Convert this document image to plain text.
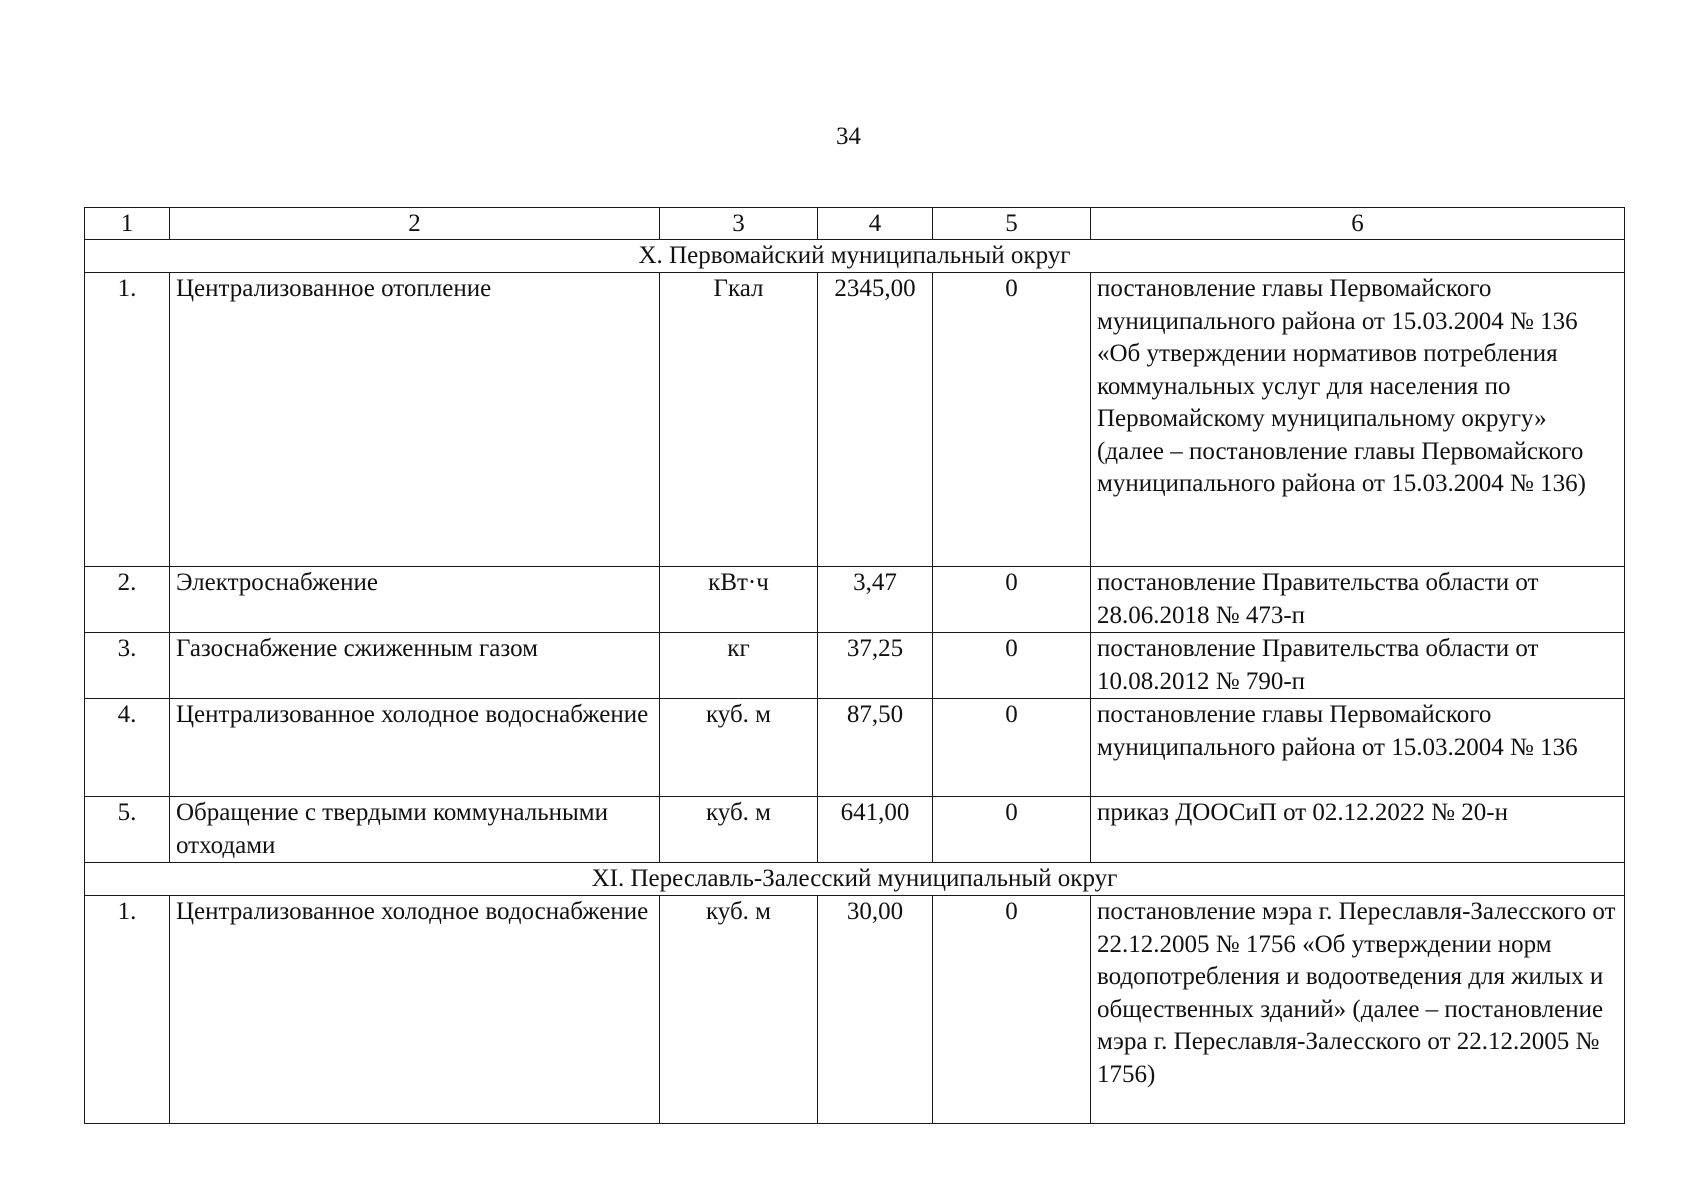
34
1	2	3	4	5	6
X. Первомайский муниципальный округ					
1.	Централизованное отопление	Гкал	2345,00	0	постановление главы Первомайского муниципального района от 15.03.2004 № 136 «Об утверждении нормативов потребления коммунальных услуг для населения по Первомайскому муниципальному округу» (далее – постановление главы Первомайского муниципального района от 15.03.2004 № 136)
2.	Электроснабжение	кВт·ч	3,47	0	постановление Правительства области от 28.06.2018 № 473-п
3.	Газоснабжение сжиженным газом	кг	37,25	0	постановление Правительства области от 10.08.2012 № 790-п
4.	Централизованное холодное водоснабжение	куб. м	87,50	0	постановление главы Первомайского муниципального района от 15.03.2004 № 136
5.	Обращение с твердыми коммунальными отходами	куб. м	641,00	0	приказ ДООСиП от 02.12.2022 № 20-н
XI. Переславль-Залесский муниципальный округ					
1.	Централизованное холодное водоснабжение	куб. м	30,00	0	постановление мэра г. Переславля-Залесского от 22.12.2005 № 1756 «Об утверждении норм водопотребления и водоотведения для жилых и общественных зданий» (далее – постановление мэра г. Переславля-Залесского от 22.12.2005 № 1756)
